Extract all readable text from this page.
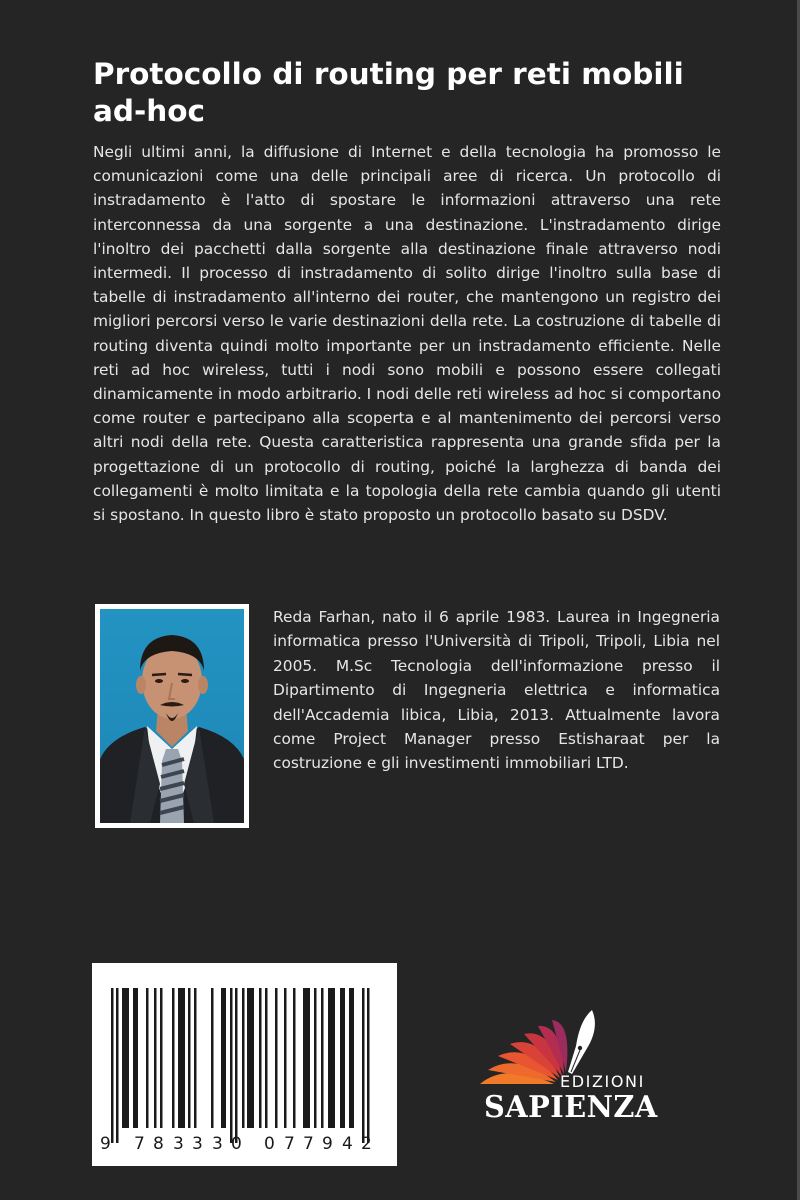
Protocollo di routing per reti mobili ad-hoc

Negli ultimi anni, la diffusione di Internet e della tecnologia ha promosso le comunicazioni come una delle principali aree di ricerca. Un protocollo di instradamento è l'atto di spostare le informazioni attraverso una rete interconnessa da una sorgente a una destinazione. L'instradamento dirige l'inoltro dei pacchetti dalla sorgente alla destinazione finale attraverso nodi intermedi. Il processo di instradamento di solito dirige l'inoltro sulla base di tabelle di instradamento all'interno dei router, che mantengono un registro dei migliori percorsi verso le varie destinazioni della rete. La costruzione di tabelle di routing diventa quindi molto importante per un instradamento efficiente. Nelle reti ad hoc wireless, tutti i nodi sono mobili e possono essere collegati dinamicamente in modo arbitrario. I nodi delle reti wireless ad hoc si comportano come router e partecipano alla scoperta e al mantenimento dei percorsi verso altri nodi della rete. Questa caratteristica rappresenta una grande sfida per la progettazione di un protocollo di routing, poiché la larghezza di banda dei collegamenti è molto limitata e la topologia della rete cambia quando gli utenti si spostano. In questo libro è stato proposto un protocollo basato su DSDV.

Reda Farhan, nato il 6 aprile 1983. Laurea in Ingegneria informatica presso l'Università di Tripoli, Tripoli, Libia nel 2005. M.Sc Tecnologia dell'informazione presso il Dipartimento di Ingegneria elettrica e informatica dell'Accademia libica, Libia, 2013. Attualmente lavora come Project Manager presso Estisharaat per la costruzione e gli investimenti immobiliari LTD.

9 7 8 3 3 3 0 0 7 7 9 4 2
EDIZIONI
SAPIENZA
